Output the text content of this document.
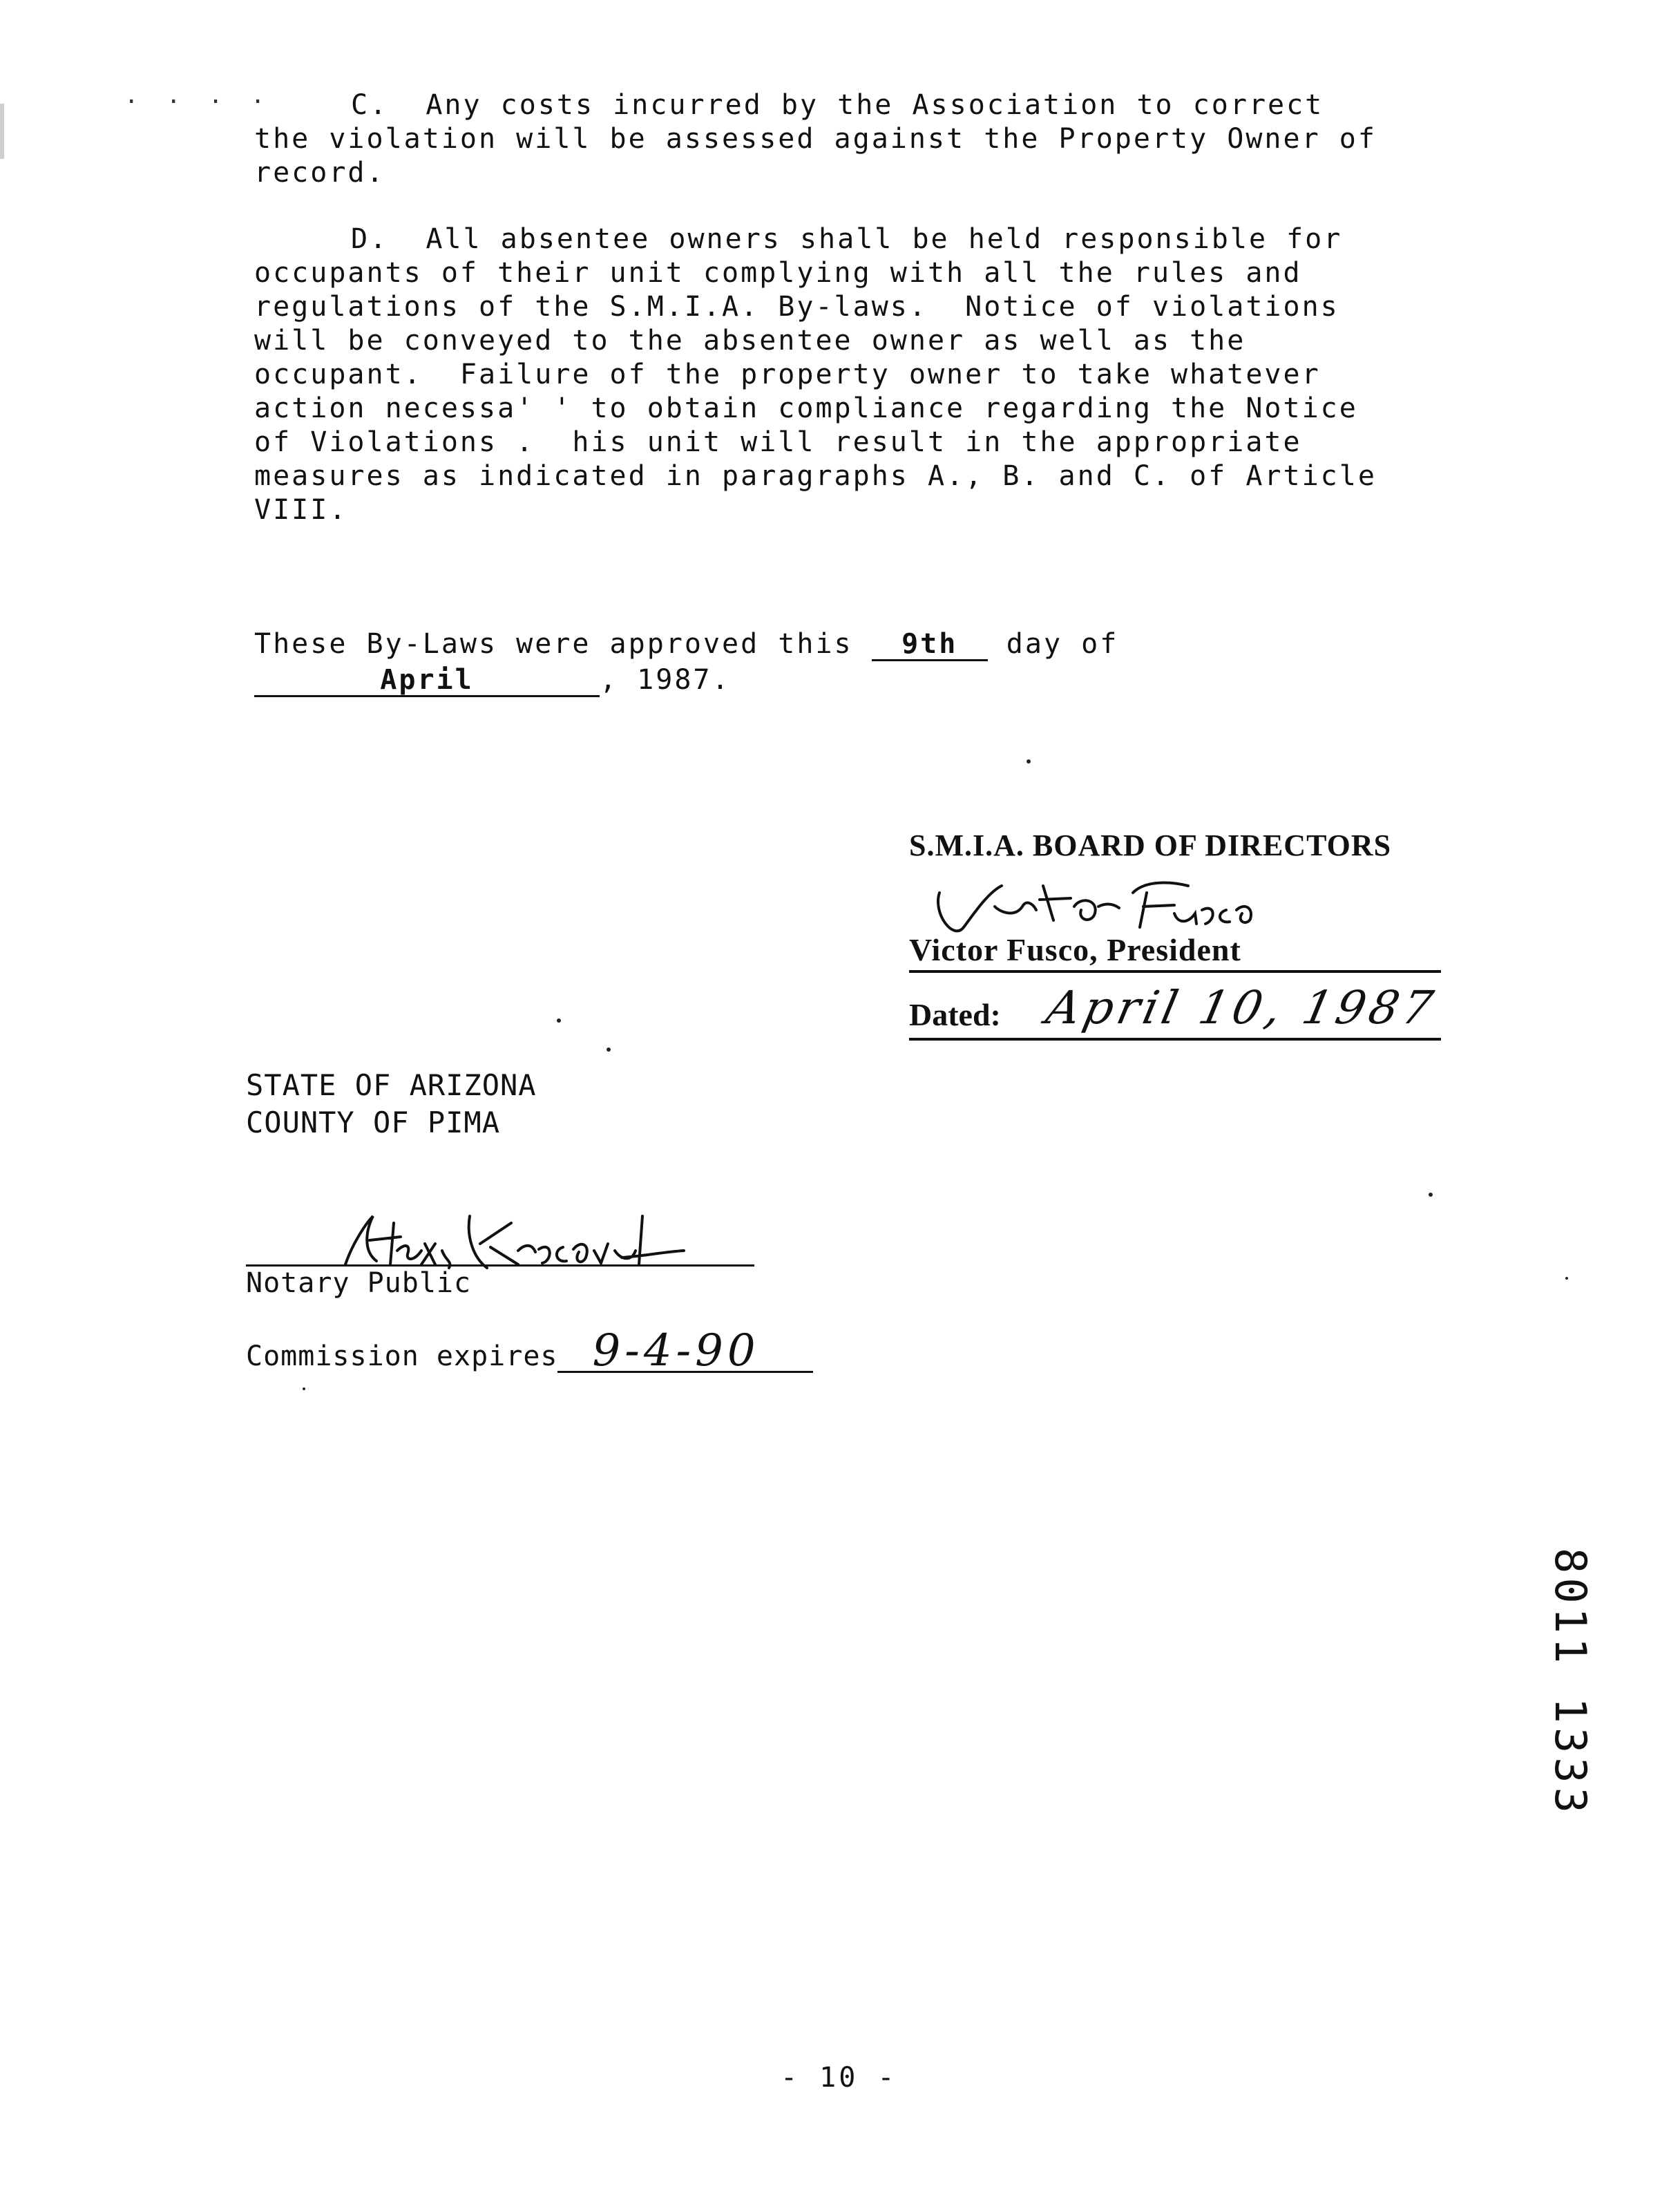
. . . .	C.  Any costs incurred by the Association to correct
the violation will be assessed against the Property Owner of
record.
D.  All absentee owners shall be held responsible for
occupants of their unit complying with all the rules and
regulations of the S.M.I.A. By-laws.  Notice of violations
will be conveyed to the absentee owner as well as the
occupant.  Failure of the property owner to take whatever
action necessa' ' to obtain compliance regarding the Notice
of Violations .  his unit will result in the appropriate
measures as indicated in paragraphs A., B. and C. of Article
VIII.
These By-Laws were approved this 9th day of
April	, 1987.
S.M.I.A. BOARD OF DIRECTORS
Victor Fusco, President
Dated: April 10, 1987
STATE OF ARIZONA
COUNTY OF PIMA
Notary Public
Commission expires 9-4-90
8011 1333
- 10 -
